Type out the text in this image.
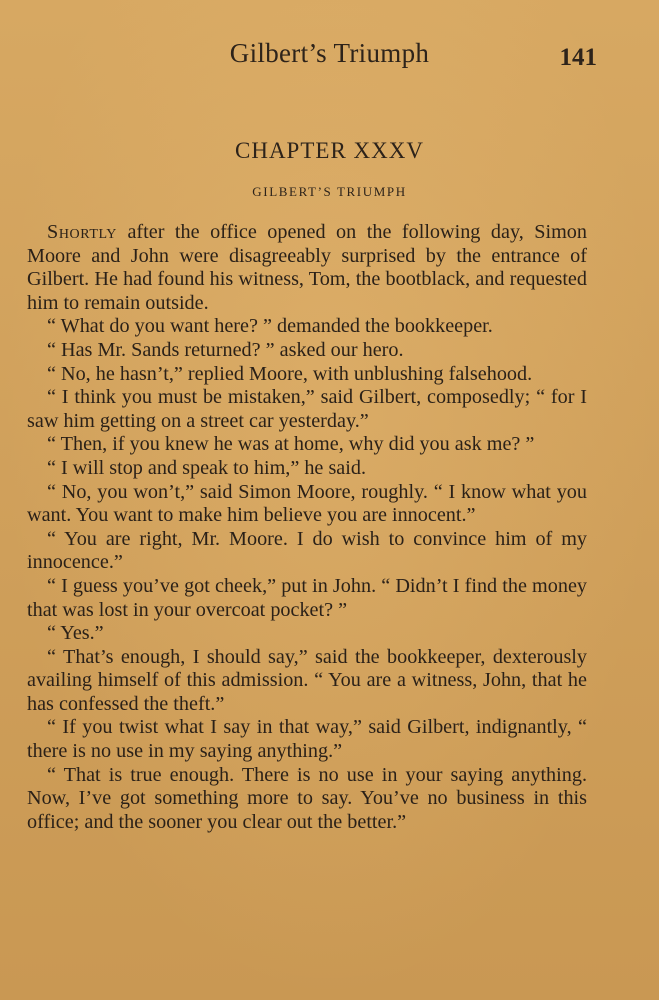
Gilbert’s Triumph	141
CHAPTER XXXV
GILBERT’S TRIUMPH

Shortly after the office opened on the following day, Simon Moore and John were disagreeably surprised by the entrance of Gilbert. He had found his witness, Tom, the bootblack, and requested him to remain outside.

“ What do you want here? ” demanded the bookkeeper.

“ Has Mr. Sands returned? ” asked our hero.

“ No, he hasn’t,” replied Moore, with unblushing falsehood.

“ I think you must be mistaken,” said Gilbert, composedly; “ for I saw him getting on a street car yesterday.”

“ Then, if you knew he was at home, why did you ask me? ”

“ I will stop and speak to him,” he said.

“ No, you won’t,” said Simon Moore, roughly. “ I know what you want. You want to make him believe you are innocent.”

“ You are right, Mr. Moore. I do wish to convince him of my innocence.”

“ I guess you’ve got cheek,” put in John. “ Didn’t I find the money that was lost in your overcoat pocket? ”

“ Yes.”

“ That’s enough, I should say,” said the bookkeeper, dexterously availing himself of this admission. “ You are a witness, John, that he has confessed the theft.”

“ If you twist what I say in that way,” said Gilbert, indignantly, “ there is no use in my saying anything.”

“ That is true enough. There is no use in your saying anything. Now, I’ve got something more to say. You’ve no business in this office; and the sooner you clear out the better.”
